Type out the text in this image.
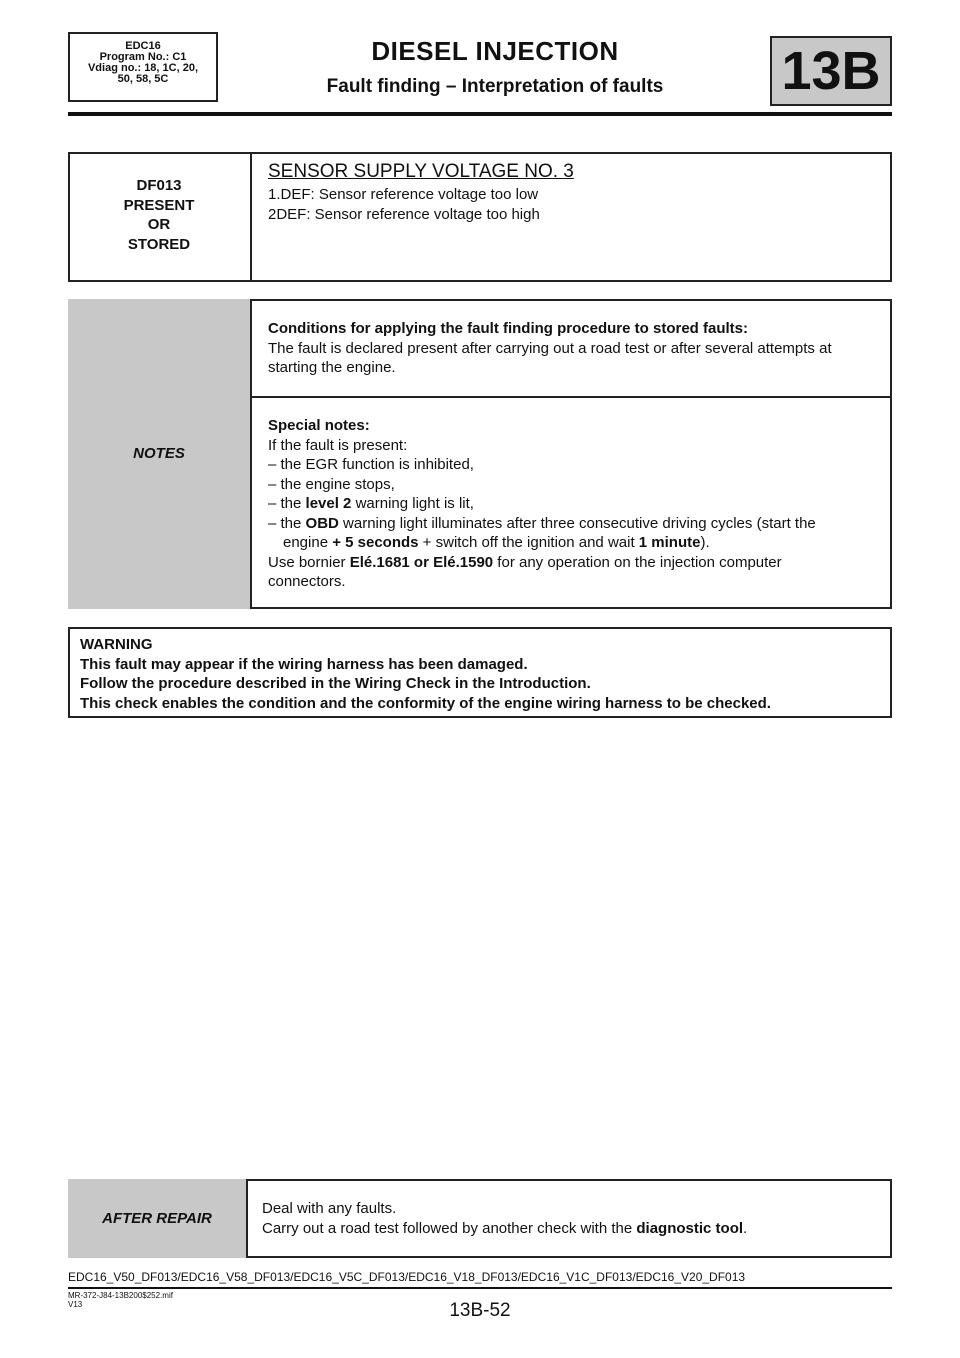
EDC16
Program No.: C1
Vdiag no.: 18, 1C, 20,
50, 58, 5C
DIESEL INJECTION
Fault finding – Interpretation of faults	13B
DF013
PRESENT
OR
STORED
SENSOR SUPPLY VOLTAGE NO. 3
1.DEF: Sensor reference voltage too low
2DEF: Sensor reference voltage too high
NOTES
Conditions for applying the fault finding procedure to stored faults:
The fault is declared present after carrying out a road test or after several attempts at starting the engine.
Special notes:
If the fault is present:
– the EGR function is inhibited,
– the engine stops,
– the level 2 warning light is lit,
– the OBD warning light illuminates after three consecutive driving cycles (start the
engine + 5 seconds + switch off the ignition and wait 1 minute).
Use bornier Elé.1681 or Elé.1590 for any operation on the injection computer
connectors.
WARNING
This fault may appear if the wiring harness has been damaged.
Follow the procedure described in the Wiring Check in the Introduction.
This check enables the condition and the conformity of the engine wiring harness to be checked.
AFTER REPAIR
Deal with any faults.
Carry out a road test followed by another check with the diagnostic tool.
EDC16_V50_DF013/EDC16_V58_DF013/EDC16_V5C_DF013/EDC16_V18_DF013/EDC16_V1C_DF013/EDC16_V20_DF013
MR-372-J84-13B200$252.mif
V13	13B-52
